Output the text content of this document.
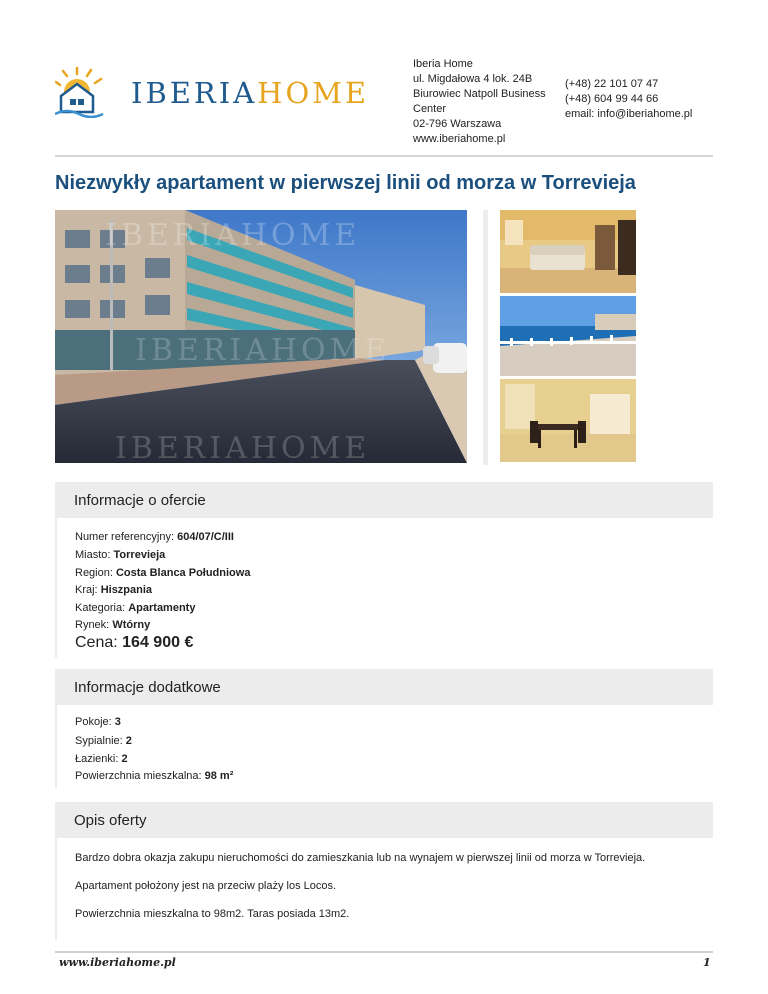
IBERIAHOME
Iberia Home
ul. Migdałowa 4 lok. 24B
Biurowiec Natpoll Business
Center
02-796 Warszawa
www.iberiahome.pl
(+48) 22 101 07 47
(+48) 604 99 44 66
email: info@iberiahome.pl
Niezwykły apartament w pierwszej linii od morza w Torrevieja
IBERIAHOME
IBERIAHOME
IBERIAHOME
Informacje o ofercie
Numer referencyjny: 604/07/C/III
Miasto: Torrevieja
Region: Costa Blanca Południowa
Kraj: Hiszpania
Kategoria: Apartamenty
Rynek: Wtórny
Cena: 164 900 €
Informacje dodatkowe
Pokoje: 3
Sypialnie: 2
Łazienki: 2
Powierzchnia mieszkalna: 98 m²
Opis oferty
Bardzo dobra okazja zakupu nieruchomości do zamieszkania lub na wynajem w pierwszej linii od morza w Torrevieja.
Apartament położony jest na przeciw plaży los Locos.
Powierzchnia mieszkalna to 98m2. Taras posiada 13m2.
www.iberiahome.pl	1
